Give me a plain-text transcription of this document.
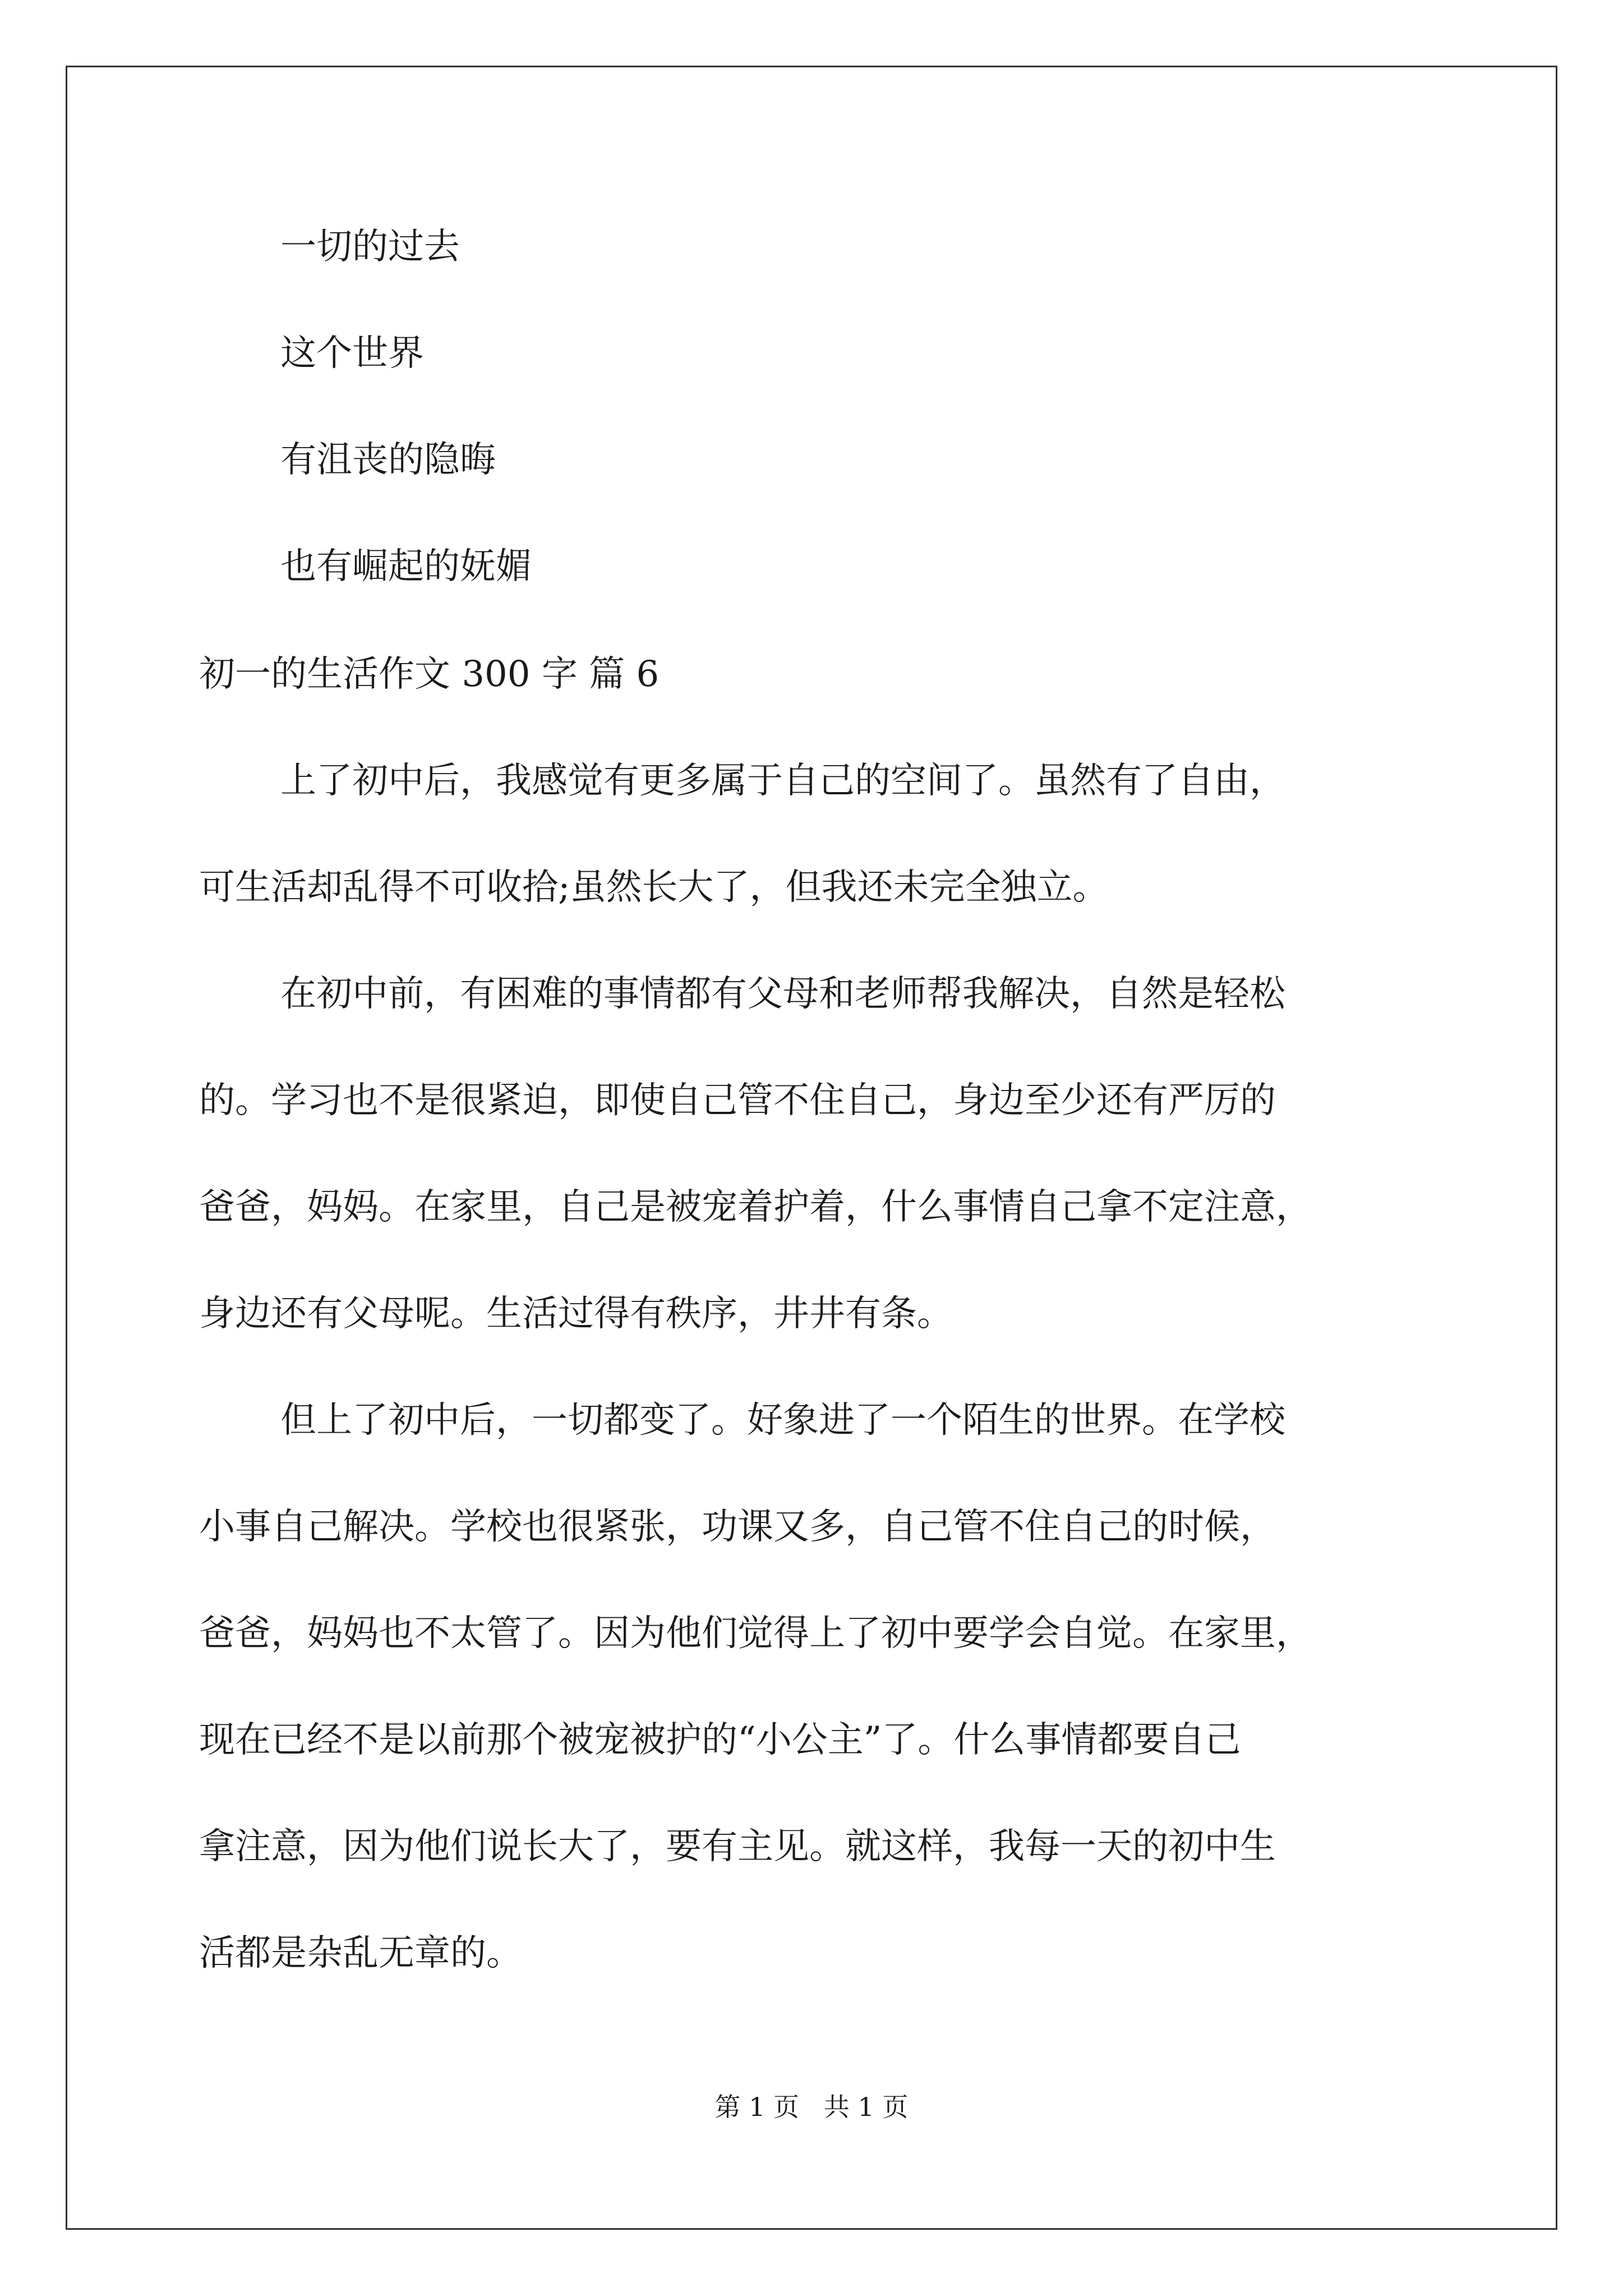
一切的过去

这个世界

有沮丧的隐晦

也有崛起的妩媚

初一的生活作文 300 字 篇 6

上了初中后，我感觉有更多属于自己的空间了。虽然有了自由，

可生活却乱得不可收拾;虽然长大了，但我还未完全独立。

在初中前，有困难的事情都有父母和老师帮我解决，自然是轻松

的。学习也不是很紧迫，即使自己管不住自己，身边至少还有严厉的

爸爸，妈妈。在家里，自己是被宠着护着，什么事情自己拿不定注意，

身边还有父母呢。生活过得有秩序，井井有条。

但上了初中后，一切都变了。好象进了一个陌生的世界。在学校

小事自己解决。学校也很紧张，功课又多，自己管不住自己的时候，

爸爸，妈妈也不太管了。因为他们觉得上了初中要学会自觉。在家里，

现在已经不是以前那个被宠被护的“小公主”了。什么事情都要自己

拿注意，因为他们说长大了，要有主见。就这样，我每一天的初中生

活都是杂乱无章的。

第 1 页   共 1 页
